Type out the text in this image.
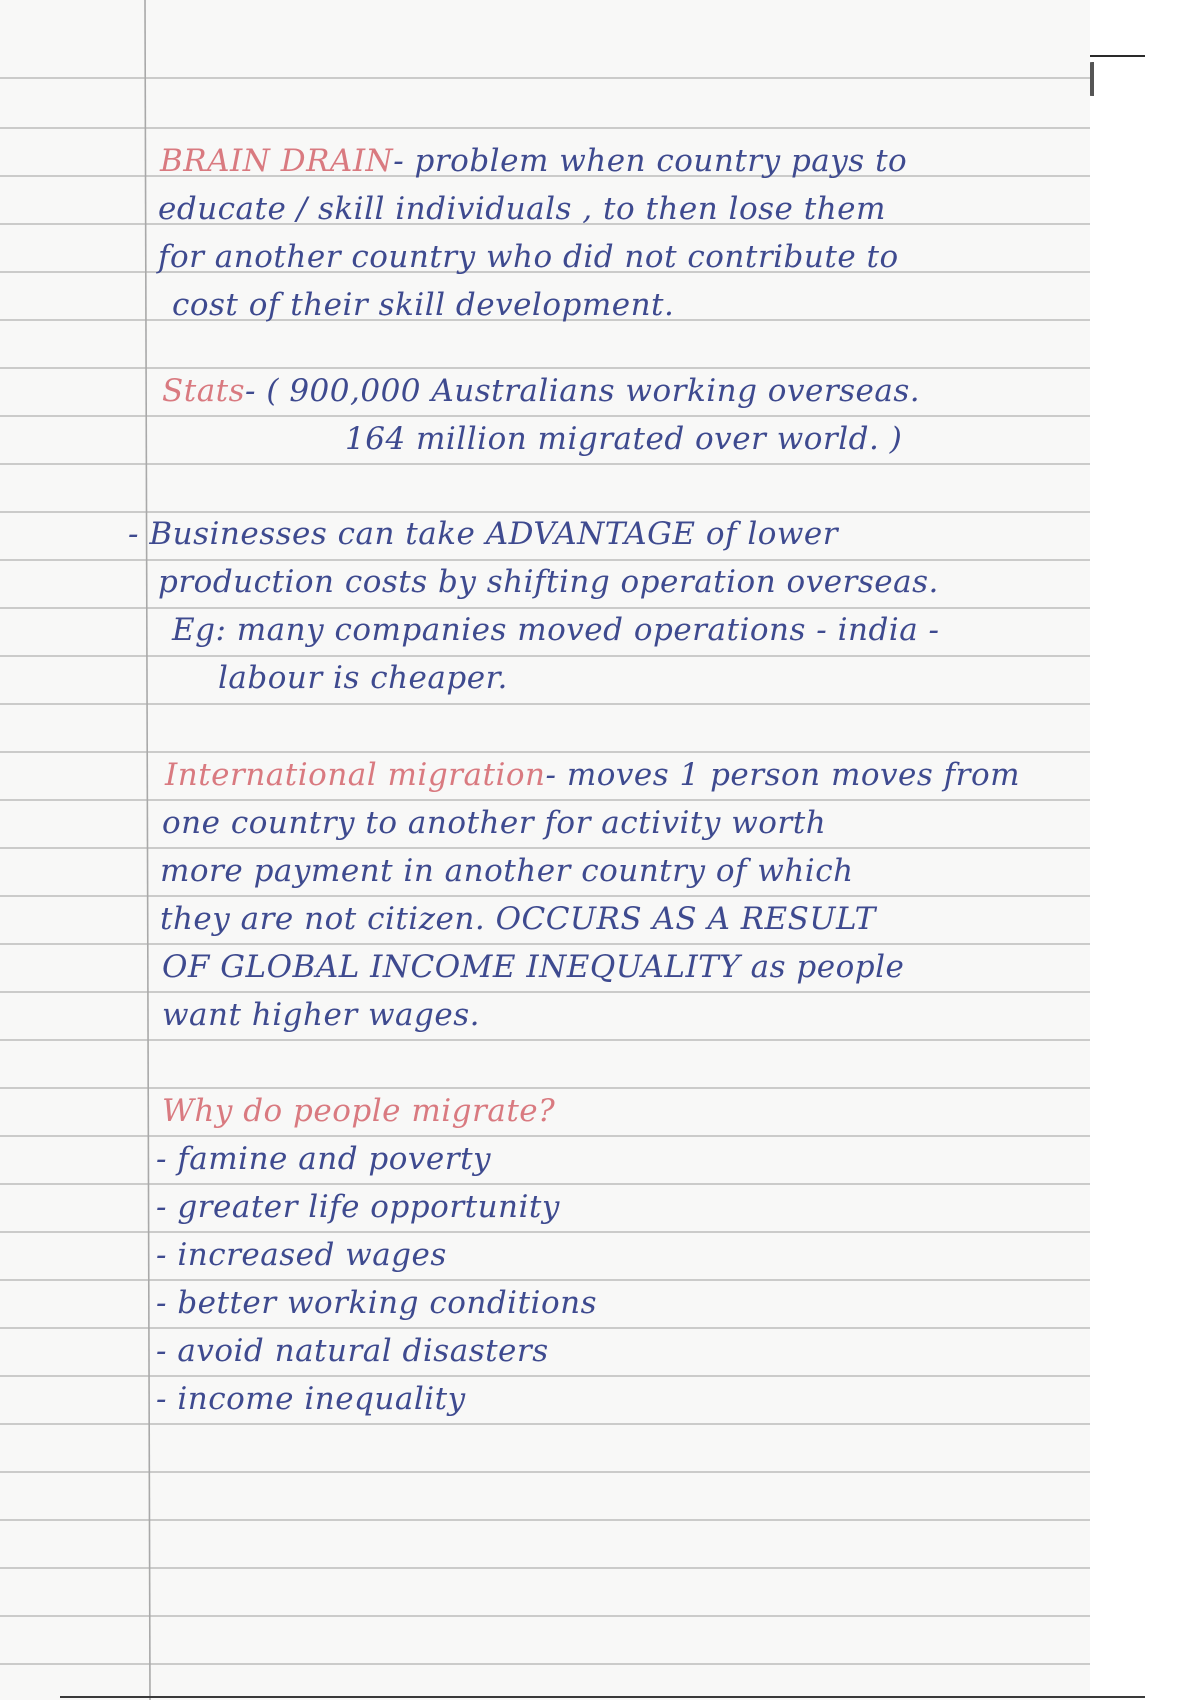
BRAIN DRAIN- problem when country pays to
educate / skill individuals , to then lose them
for another country who did not contribute to
cost of their skill development.
Stats- ( 900,000 Australians working overseas.
164 million migrated over world. )
- Businesses can take ADVANTAGE of lower
production costs by shifting operation overseas.
Eg: many companies moved operations - india -
labour is cheaper.
International migration- moves 1 person moves from
one country to another for activity worth
more payment in another country of which
they are not citizen. OCCURS AS A RESULT
OF GLOBAL INCOME INEQUALITY as people
want higher wages.
Why do people migrate?
- famine and poverty
- greater life opportunity
- increased wages
- better working conditions
- avoid natural disasters
- income inequality
